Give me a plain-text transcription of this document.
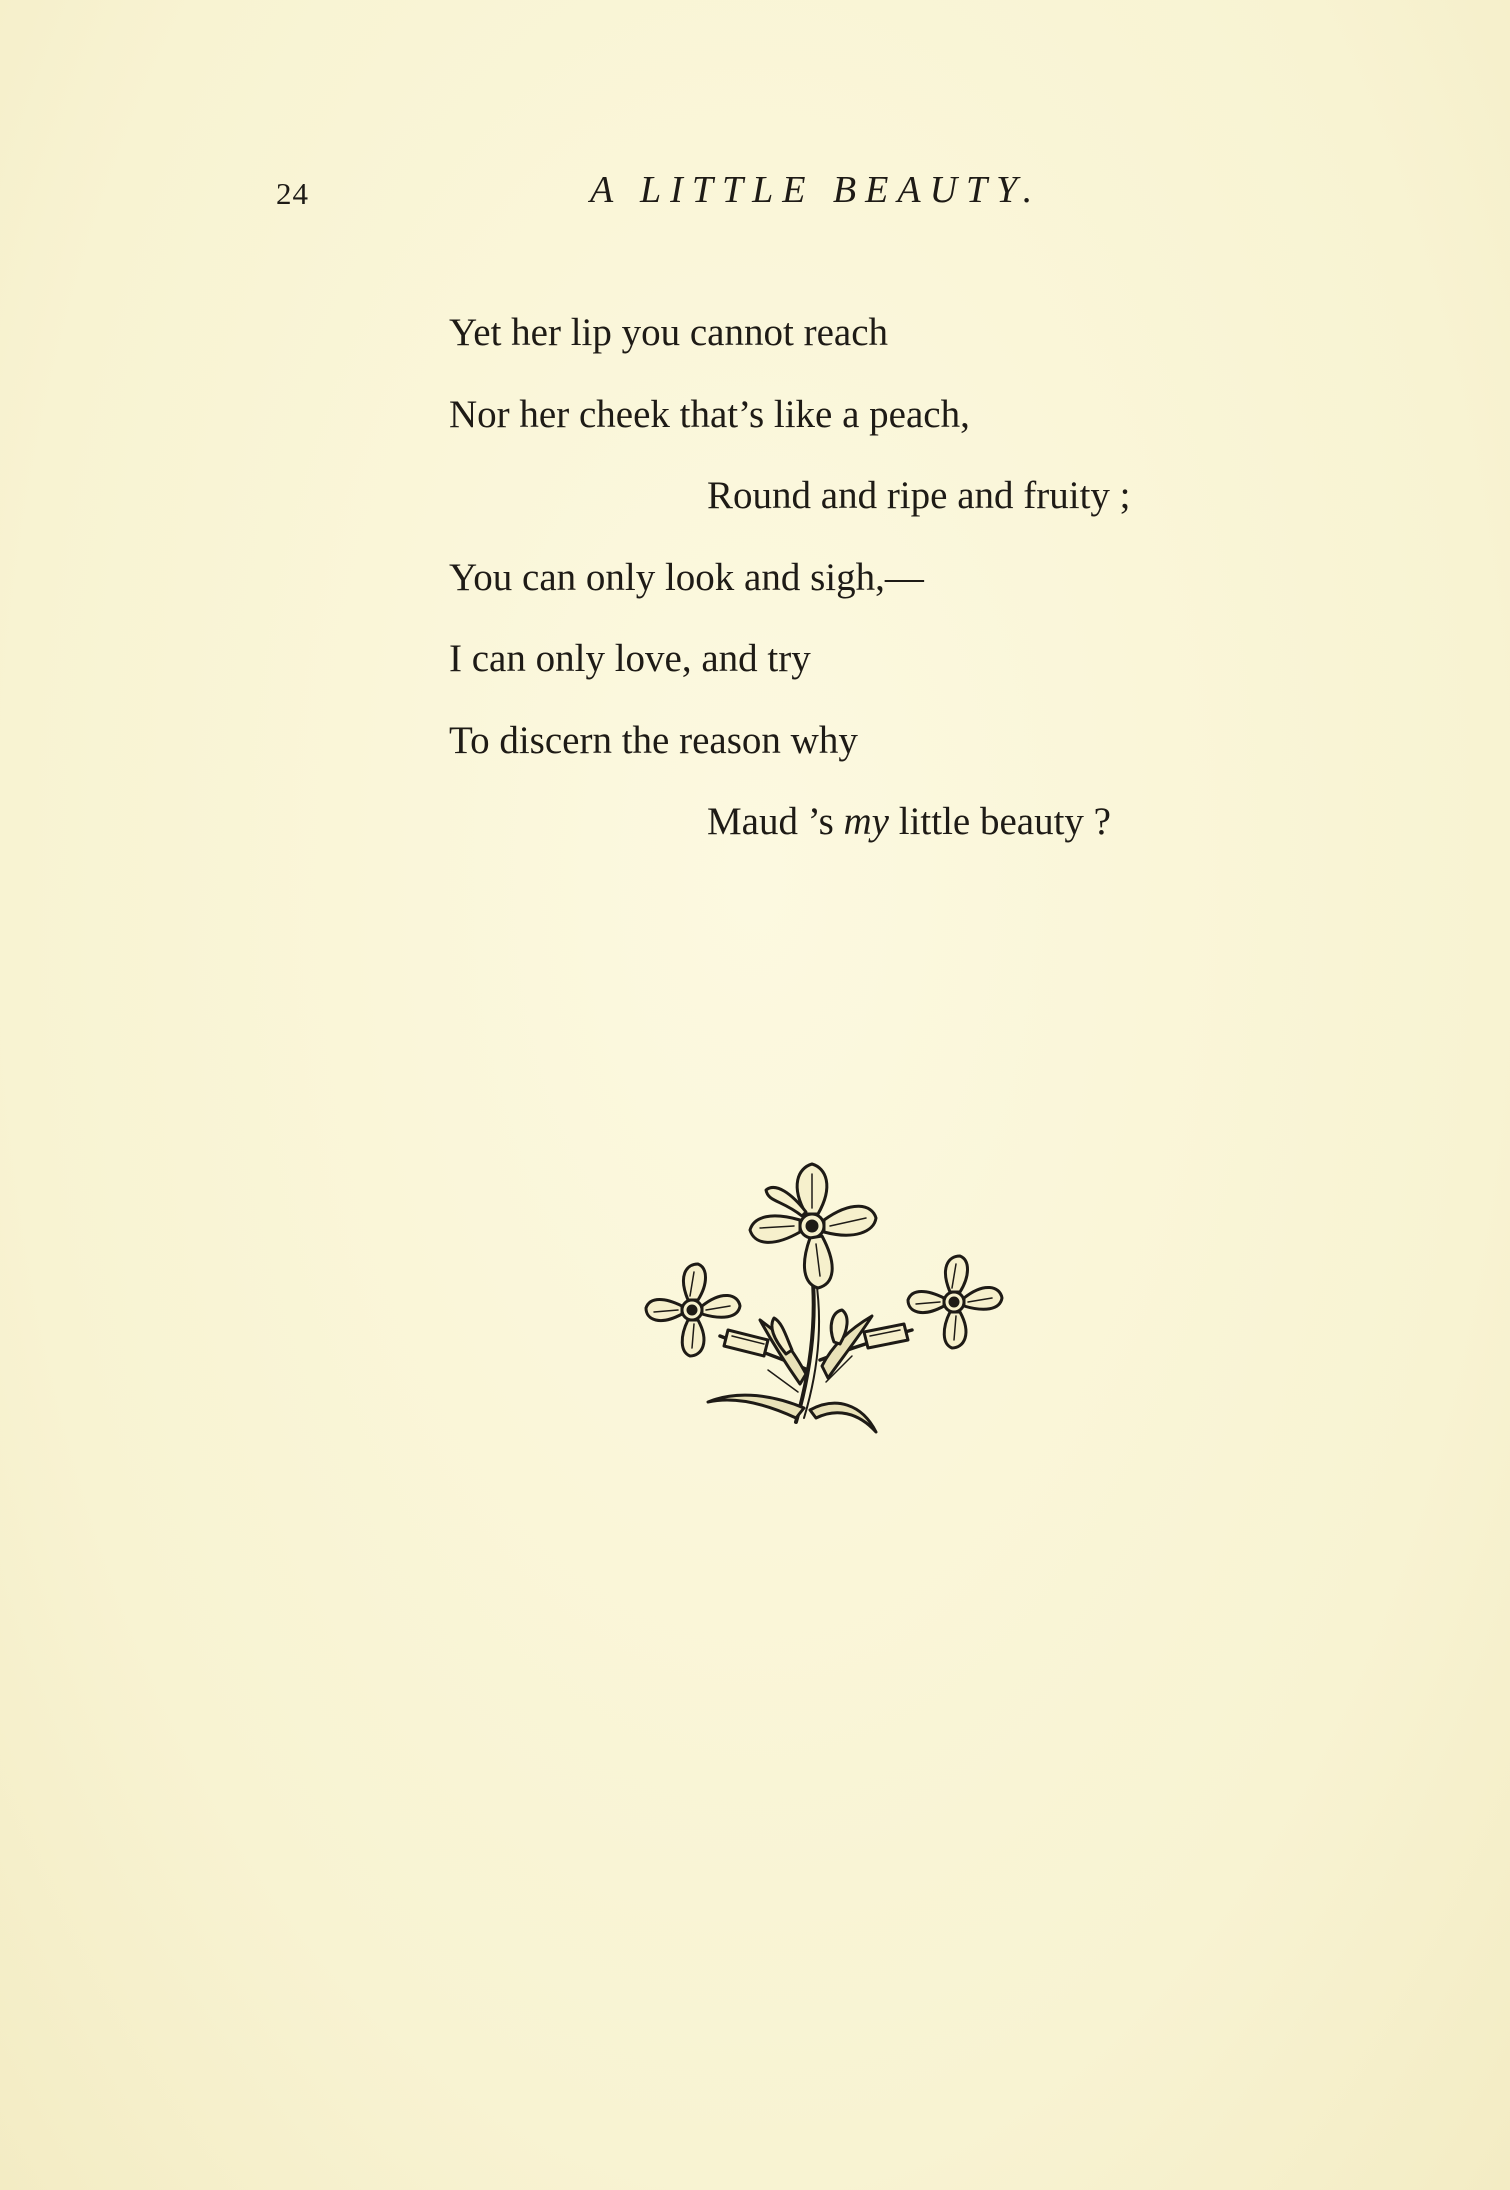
24	A LITTLE BEAUTY.
Yet her lip you cannot reach
Nor her cheek that’s like a peach,
Round and ripe and fruity ;
You can only look and sigh,—
I can only love, and try
To discern the reason why
Maud ’s my little beauty ?
